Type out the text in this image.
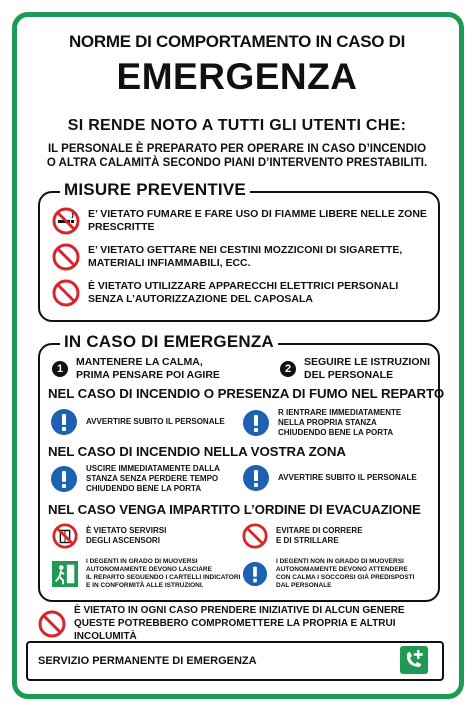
NORME DI COMPORTAMENTO IN CASO DI
EMERGENZA
SI RENDE NOTO A TUTTI GLI UTENTI CHE:
IL PERSONALE È PREPARATO PER OPERARE IN CASO D’INCENDIO
O ALTRA CALAMITÀ SECONDO PIANI D’INTERVENTO PRESTABILITI.
MISURE PREVENTIVE
E’ VIETATO FUMARE E FARE USO DI FIAMME LIBERE NELLE ZONE
PRESCRITTE
E’ VIETATO GETTARE NEI CESTINI MOZZICONI DI SIGARETTE,
MATERIALI INFIAMMABILI, ECC.
È VIETATO UTILIZZARE APPARECCHI ELETTRICI PERSONALI
SENZA L’AUTORIZZAZIONE DEL CAPOSALA
IN CASO DI EMERGENZA
1
MANTENERE LA CALMA,
PRIMA PENSARE POI AGIRE	2
SEGUIRE LE ISTRUZIONI
DEL PERSONALE
NEL CASO DI INCENDIO O PRESENZA DI FUMO NEL REPARTO
AVVERTIRE SUBITO IL PERSONALE
R IENTRARE IMMEDIATAMENTE
NELLA PROPRIA STANZA
CHIUDENDO BENE LA PORTA
NEL CASO DI INCENDIO NELLA VOSTRA ZONA
USCIRE IMMEDIATAMENTE DALLA
STANZA SENZA PERDERE TEMPO
CHIUDENDO BENE LA PORTA
AVVERTIRE SUBITO IL PERSONALE
NEL CASO VENGA IMPARTITO L’ORDINE DI EVACUAZIONE
È VIETATO SERVIRSI
DEGLI ASCENSORI
EVITARE DI CORRERE
E DI STRILLARE
I DEGENTI IN GRADO DI MUOVERSI
AUTONOMAMENTE DEVONO LASCIARE
IL REPARTO SEGUENDO I CARTELLI INDICATORI
E IN CONFORMITÀ ALLE ISTRUZIONI.
I DEGENTI NON IN GRADO DI MUOVERSI
AUTONOMAMENTE DEVONO ATTENDERE
CON CALMA I SOCCORSI GIÀ PREDISPOSTI
DAL PERSONALE
È VIETATO IN OGNI CASO PRENDERE INIZIATIVE DI ALCUN GENERE
QUESTE POTREBBERO COMPROMETTERE LA PROPRIA E ALTRUI INCOLUMITÀ
SERVIZIO PERMANENTE DI EMERGENZA
